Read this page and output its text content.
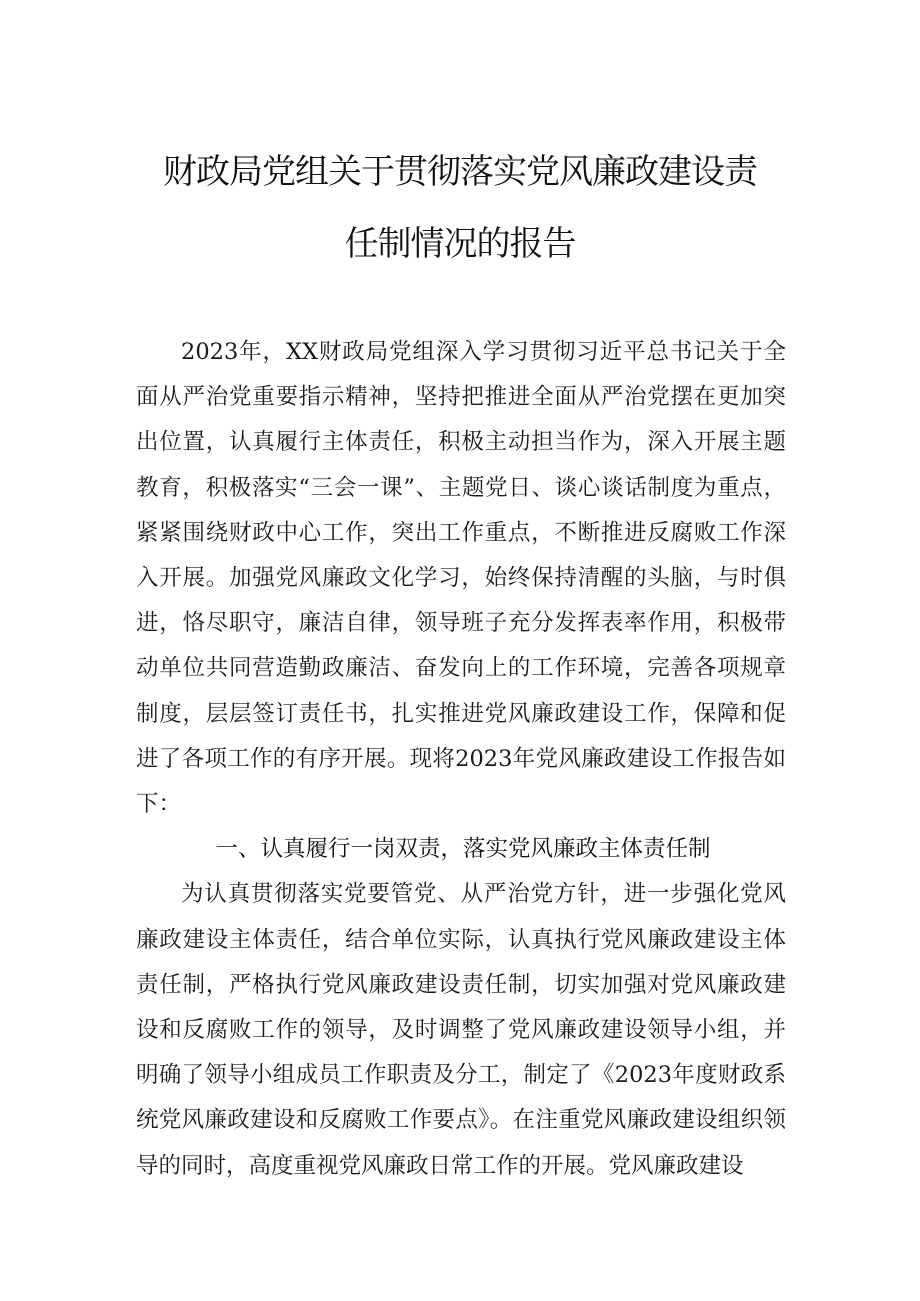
财政局党组关于贯彻落实党风廉政建设责
任制情况的报告

2023年，XX财政局党组深入学习贯彻习近平总书记关于全面从严治党重要指示精神，坚持把推进全面从严治党摆在更加突出位置，认真履行主体责任，积极主动担当作为，深入开展主题教育，积极落实“三会一课”、主题党日、谈心谈话制度为重点，紧紧围绕财政中心工作，突出工作重点，不断推进反腐败工作深入开展。加强党风廉政文化学习，始终保持清醒的头脑，与时俱进，恪尽职守，廉洁自律，领导班子充分发挥表率作用，积极带动单位共同营造勤政廉洁、奋发向上的工作环境，完善各项规章制度，层层签订责任书，扎实推进党风廉政建设工作，保障和促进了各项工作的有序开展。现将2023年党风廉政建设工作报告如下：

一、认真履行一岗双责，落实党风廉政主体责任制

为认真贯彻落实党要管党、从严治党方针，进一步强化党风廉政建设主体责任，结合单位实际，认真执行党风廉政建设主体责任制，严格执行党风廉政建设责任制，切实加强对党风廉政建设和反腐败工作的领导，及时调整了党风廉政建设领导小组，并明确了领导小组成员工作职责及分工，制定了《2023年度财政系统党风廉政建设和反腐败工作要点》。在注重党风廉政建设组织领导的同时，高度重视党风廉政日常工作的开展。党风廉政建设
